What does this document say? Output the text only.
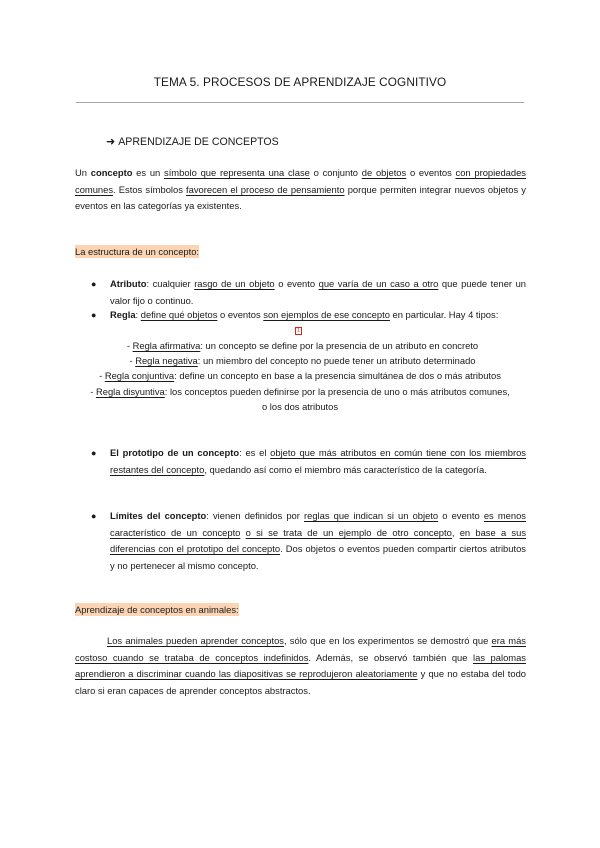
TEMA 5. PROCESOS DE APRENDIZAJE COGNITIVO
➜ APRENDIZAJE DE CONCEPTOS
Un concepto es un símbolo que representa una clase o conjunto de objetos o eventos con propiedades comunes. Estos símbolos favorecen el proceso de pensamiento porque permiten integrar nuevos objetos y eventos en las categorías ya existentes.
La estructura de un concepto:
● Atributo: cualquier rasgo de un objeto o evento que varía de un caso a otro que puede tener un valor fijo o continuo.
● Regla: define qué objetos o eventos son ejemplos de ese concepto en particular. Hay 4 tipos:
1
- Regla afirmativa: un concepto se define por la presencia de un atributo en concreto
- Regla negativa: un miembro del concepto no puede tener un atributo determinado
- Regla conjuntiva: define un concepto en base a la presencia simultánea de dos o más atributos
- Regla disyuntiva: los conceptos pueden definirse por la presencia de uno o más atributos comunes,
o los dos atributos
● El prototipo de un concepto: es el objeto que más atributos en común tiene con los miembros restantes del concepto, quedando así como el miembro más característico de la categoría.
● Límites del concepto: vienen definidos por reglas que indican si un objeto o evento es menos característico de un concepto o si se trata de un ejemplo de otro concepto, en base a sus diferencias con el prototipo del concepto. Dos objetos o eventos pueden compartir ciertos atributos y no pertenecer al mismo concepto.
Aprendizaje de conceptos en animales:
Los animales pueden aprender conceptos, sólo que en los experimentos se demostró que era más costoso cuando se trataba de conceptos indefinidos. Además, se observó también que las palomas aprendieron a discriminar cuando las diapositivas se reprodujeron aleatoriamente y que no estaba del todo claro si eran capaces de aprender conceptos abstractos.
